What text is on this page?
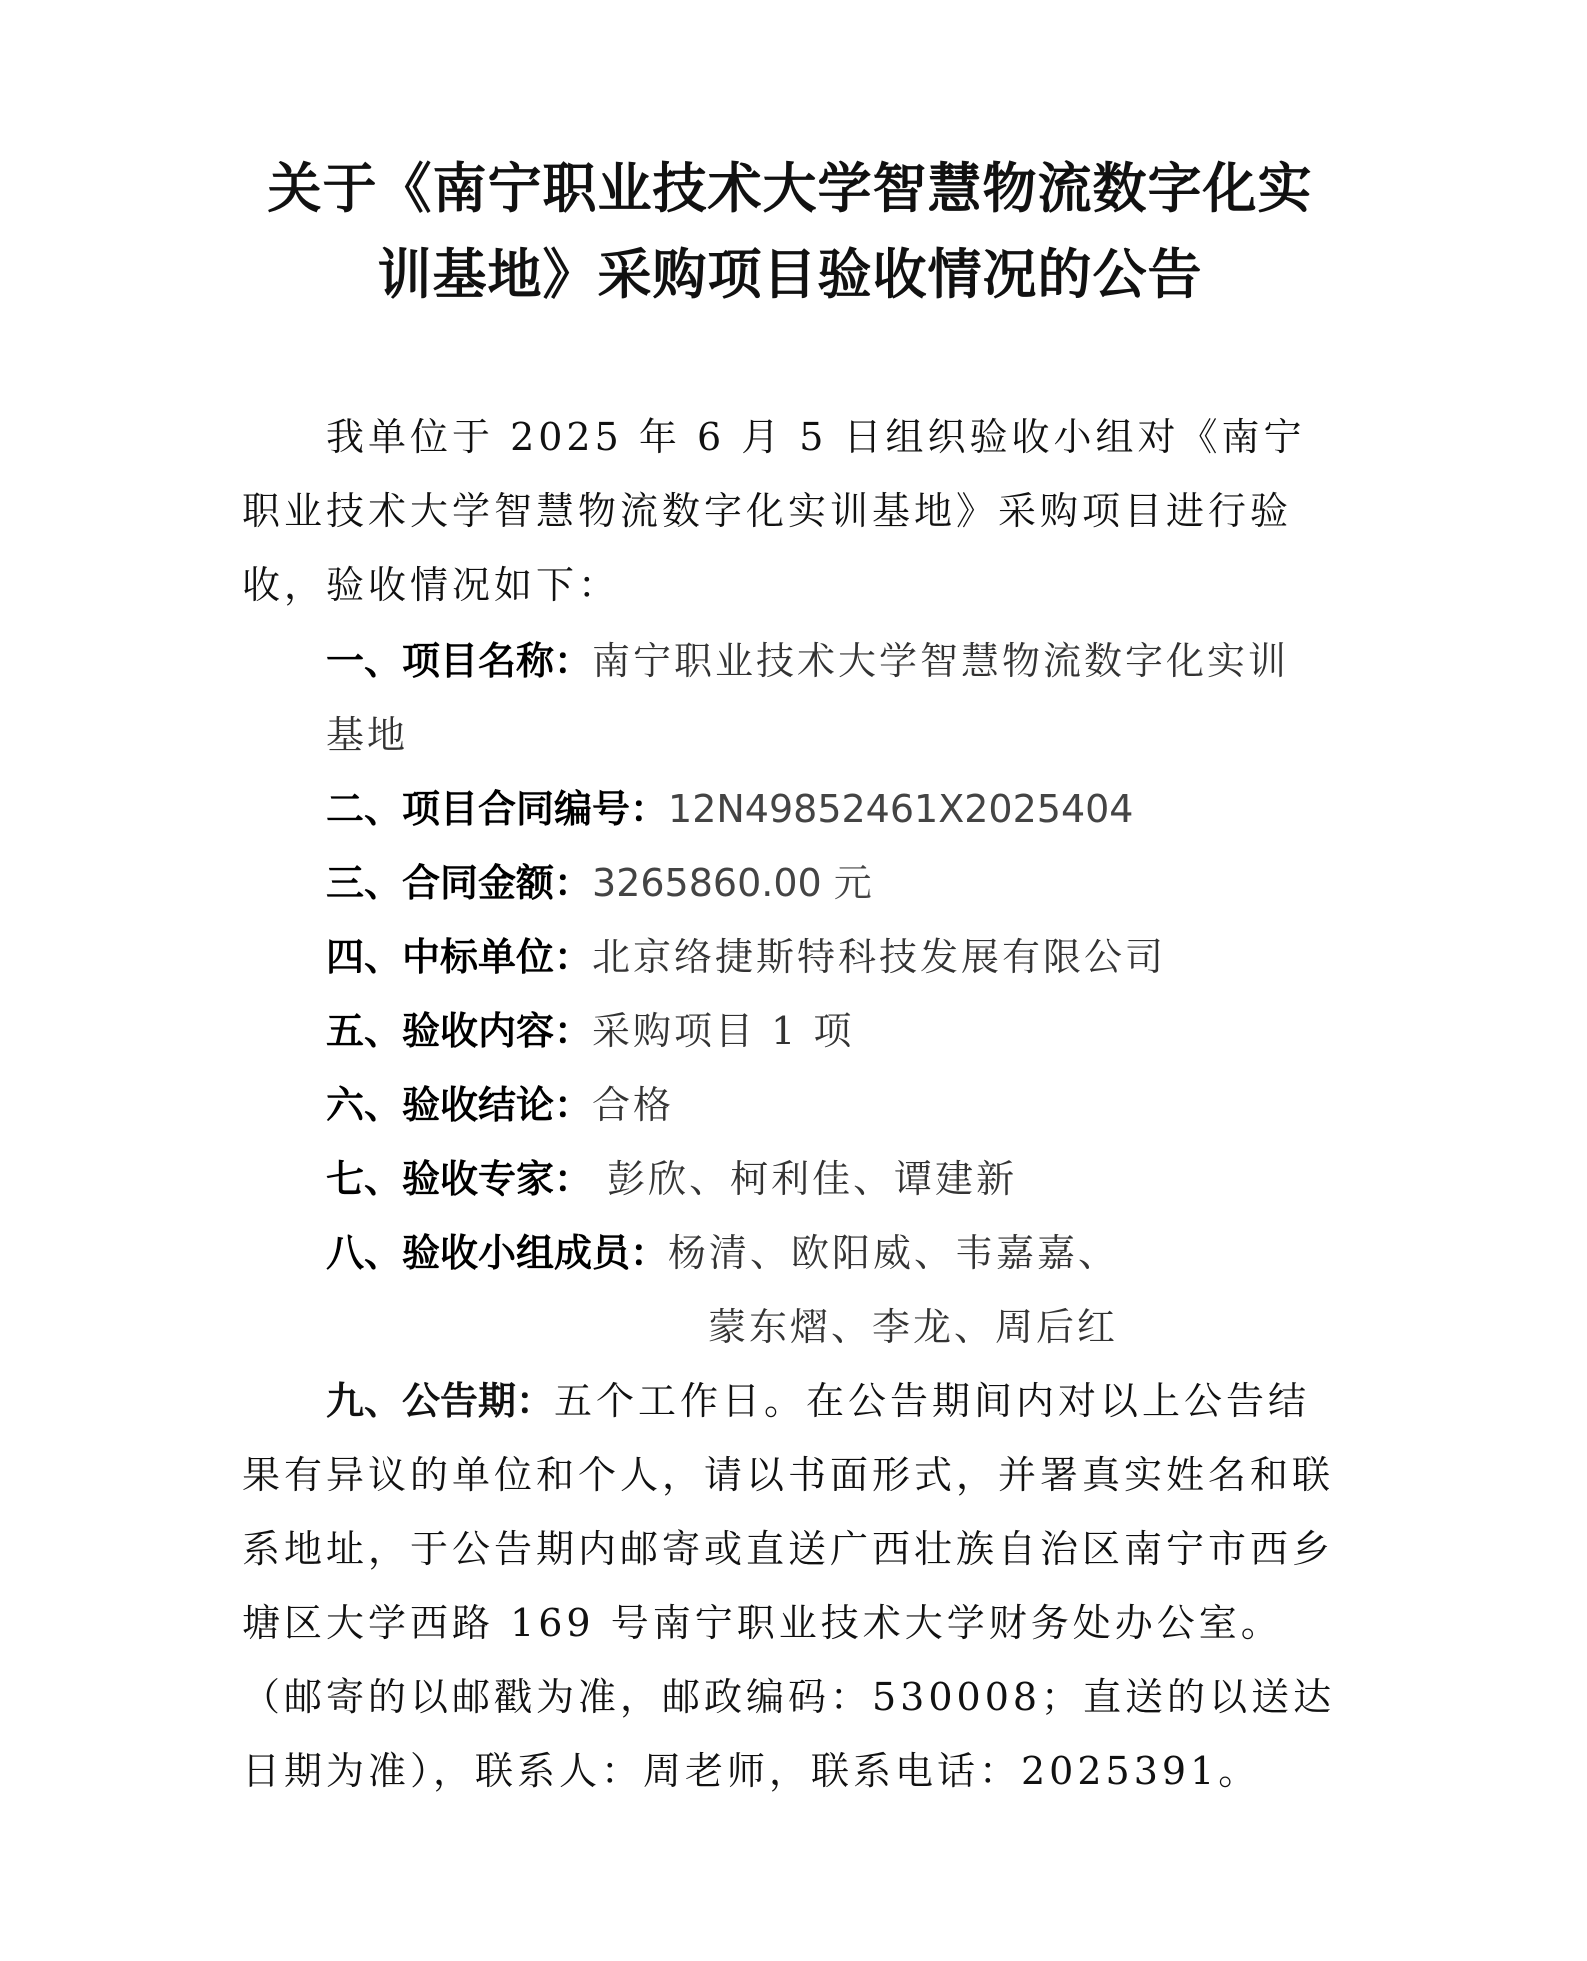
关于《南宁职业技术大学智慧物流数字化实
训基地》采购项目验收情况的公告

我单位于 2025 年 6 月 5 日组织验收小组对《南宁职业技术大学智慧物流数字化实训基地》采购项目进行验收，验收情况如下：

一、项目名称：南宁职业技术大学智慧物流数字化实训
基地

二、项目合同编号：12N49852461X2025404

三、合同金额：3265860.00 元

四、中标单位：北京络捷斯特科技发展有限公司

五、验收内容：采购项目 1 项

六、验收结论：合格

七、验收专家： 彭欣、柯利佳、谭建新

八、验收小组成员：杨清、欧阳威、韦嘉嘉、

蒙东熠、李龙、周后红

九、公告期：五个工作日。在公告期间内对以上公告结果有异议的单位和个人，请以书面形式，并署真实姓名和联系地址，于公告期内邮寄或直送广西壮族自治区南宁市西乡塘区大学西路 169 号南宁职业技术大学财务处办公室。（邮寄的以邮戳为准，邮政编码：530008；直送的以送达日期为准），联系人：周老师，联系电话：2025391。
